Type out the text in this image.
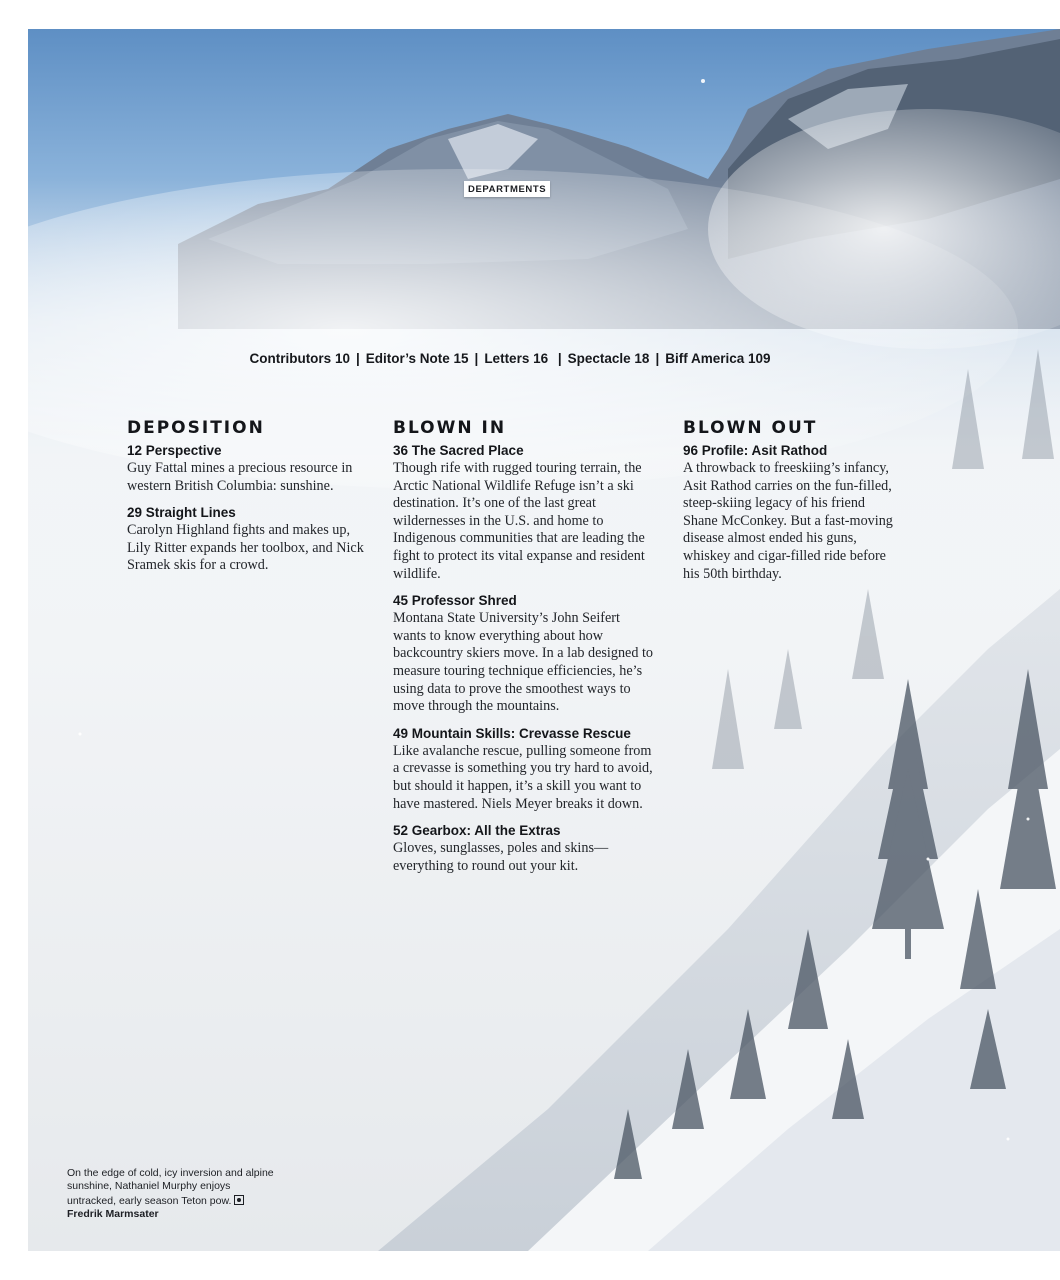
DEPARTMENTS
Contributors 10 | Editor’s Note 15 | Letters 16 | Spectacle 18 | Biff America 109
DEPOSITION
12 Perspective

Guy Fattal mines a precious resource in western British Columbia: sunshine.

29 Straight Lines

Carolyn Highland fights and makes up, Lily Ritter expands her toolbox, and Nick Sramek skis for a crowd.

BLOWN IN
36 The Sacred Place

Though rife with rugged touring terrain, the Arctic National Wildlife Refuge isn’t a ski destination. It’s one of the last great wildernesses in the U.S. and home to Indigenous communities that are leading the fight to protect its vital expanse and resident wildlife.

45 Professor Shred

Montana State University’s John Seifert wants to know everything about how backcountry skiers move. In a lab designed to measure touring technique efficiencies, he’s using data to prove the smoothest ways to move through the mountains.

49 Mountain Skills: Crevasse Rescue

Like avalanche rescue, pulling someone from a crevasse is something you try hard to avoid, but should it happen, it’s a skill you want to have mastered. Niels Meyer breaks it down.

52 Gearbox: All the Extras

Gloves, sunglasses, poles and skins—everything to round out your kit.

BLOWN OUT
96 Profile: Asit Rathod

A throwback to freeskiing’s infancy, Asit Rathod carries on the fun-filled, steep-skiing legacy of his friend Shane McConkey. But a fast-moving disease almost ended his guns, whiskey and cigar-filled ride before his 50th birthday.

On the edge of cold, icy inversion and alpine sunshine, Nathaniel Murphy enjoys untracked, early season Teton pow. Fredrik Marmsater
